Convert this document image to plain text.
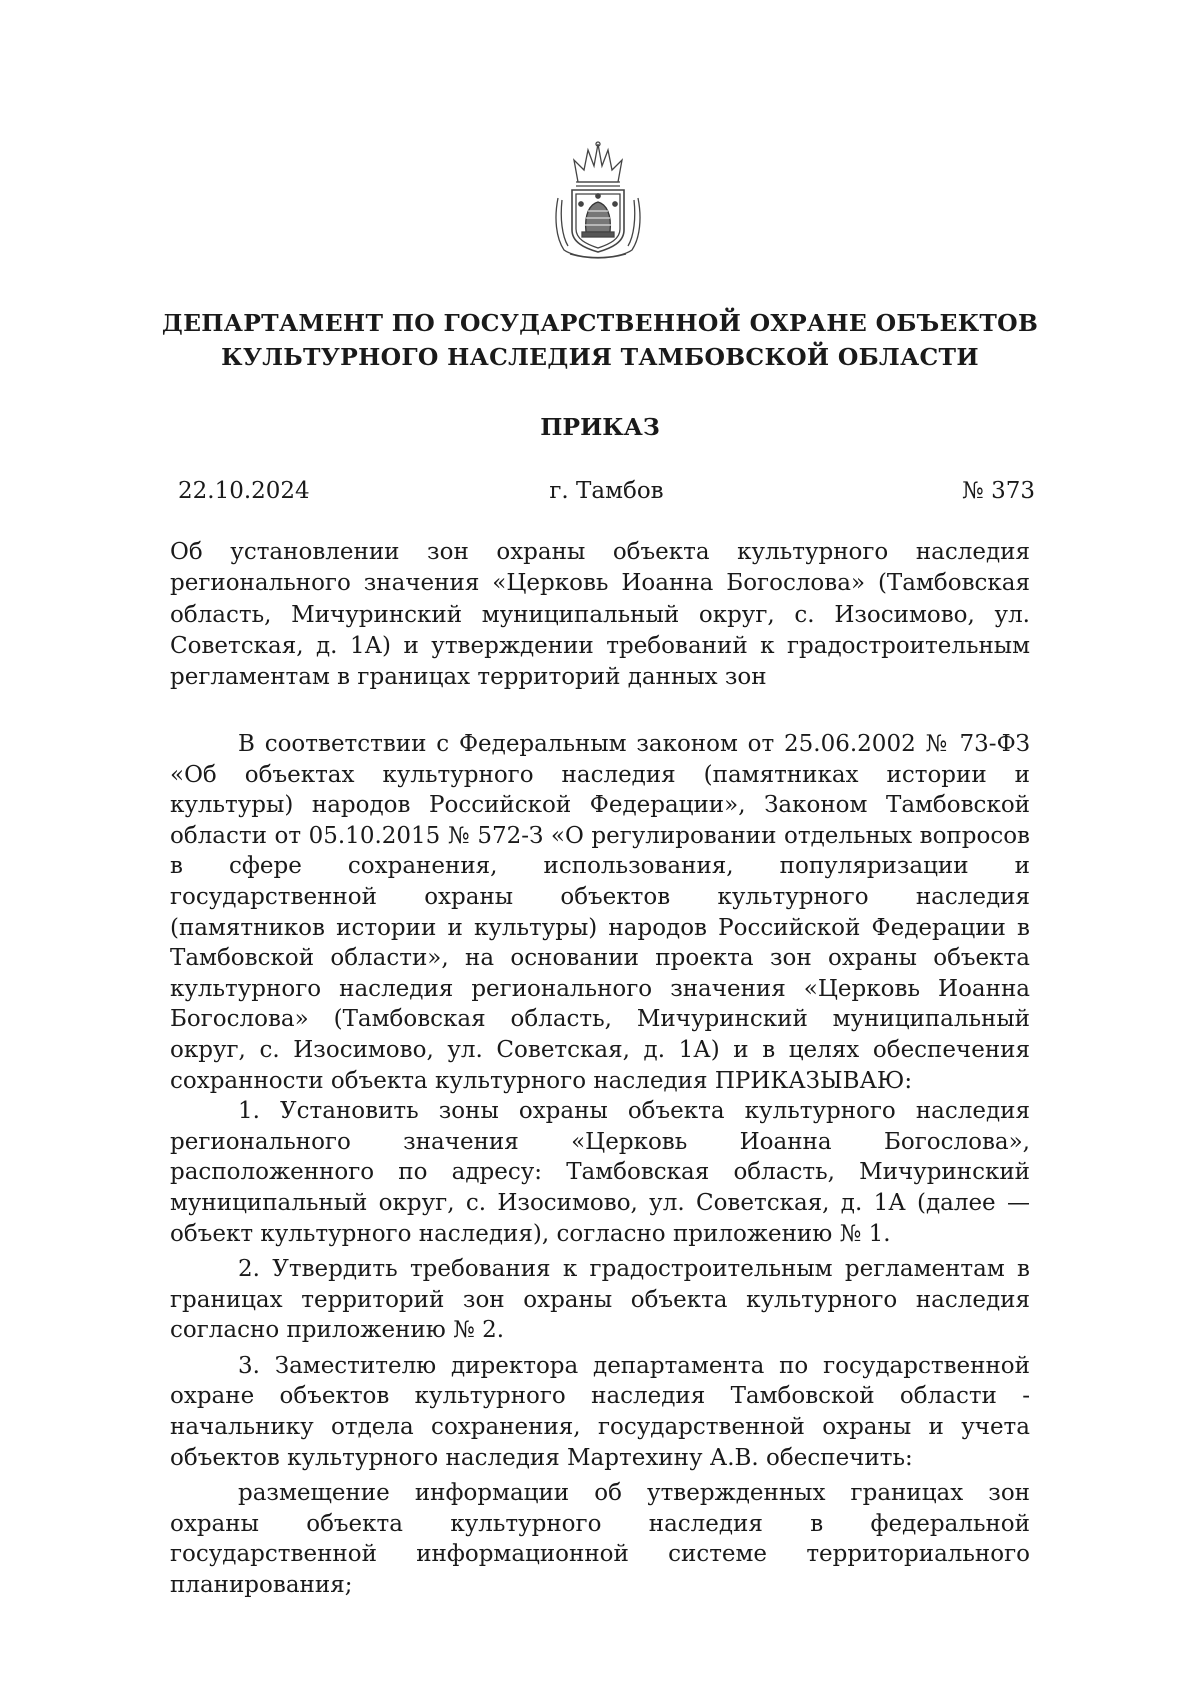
ДЕПАРТАМЕНТ ПО ГОСУДАРСТВЕННОЙ ОХРАНЕ ОБЪЕКТОВ
КУЛЬТУРНОГО НАСЛЕДИЯ ТАМБОВСКОЙ ОБЛАСТИ
ПРИКАЗ
22.10.2024	г. Тамбов	№ 373
Об установлении зон охраны объекта культурного наследия регионального значения «Церковь Иоанна Богослова» (Тамбовская область, Мичуринский муниципальный округ, с. Изосимово, ул. Советская, д. 1А) и утверждении требований к градостроительным регламентам в границах территорий данных зон

В соответствии с Федеральным законом от 25.06.2002 № 73-ФЗ «Об объектах культурного наследия (памятниках истории и культуры) народов Российской Федерации», Законом Тамбовской области от 05.10.2015 № 572-З «О регулировании отдельных вопросов в сфере сохранения, использования, популяризации и государственной охраны объектов культурного наследия (памятников истории и культуры) народов Российской Федерации в Тамбовской области», на основании проекта зон охраны объекта культурного наследия регионального значения «Церковь Иоанна Богослова» (Тамбовская область, Мичуринский муниципальный округ, с. Изосимово, ул. Советская, д. 1А) и в целях обеспечения сохранности объекта культурного наследия ПРИКАЗЫВАЮ:

1. Установить зоны охраны объекта культурного наследия регионального значения «Церковь Иоанна Богослова», расположенного по адресу: Тамбовская область, Мичуринский муниципальный округ, с. Изосимово, ул. Советская, д. 1А (далее — объект культурного наследия), согласно приложению № 1.

2. Утвердить требования к градостроительным регламентам в границах территорий зон охраны объекта культурного наследия согласно приложению № 2.

3. Заместителю директора департамента по государственной охране объектов культурного наследия Тамбовской области - начальнику отдела сохранения, государственной охраны и учета объектов культурного наследия Мартехину А.В. обеспечить:

размещение информации об утвержденных границах зон охраны объекта культурного наследия в федеральной государственной информационной системе территориального планирования;
